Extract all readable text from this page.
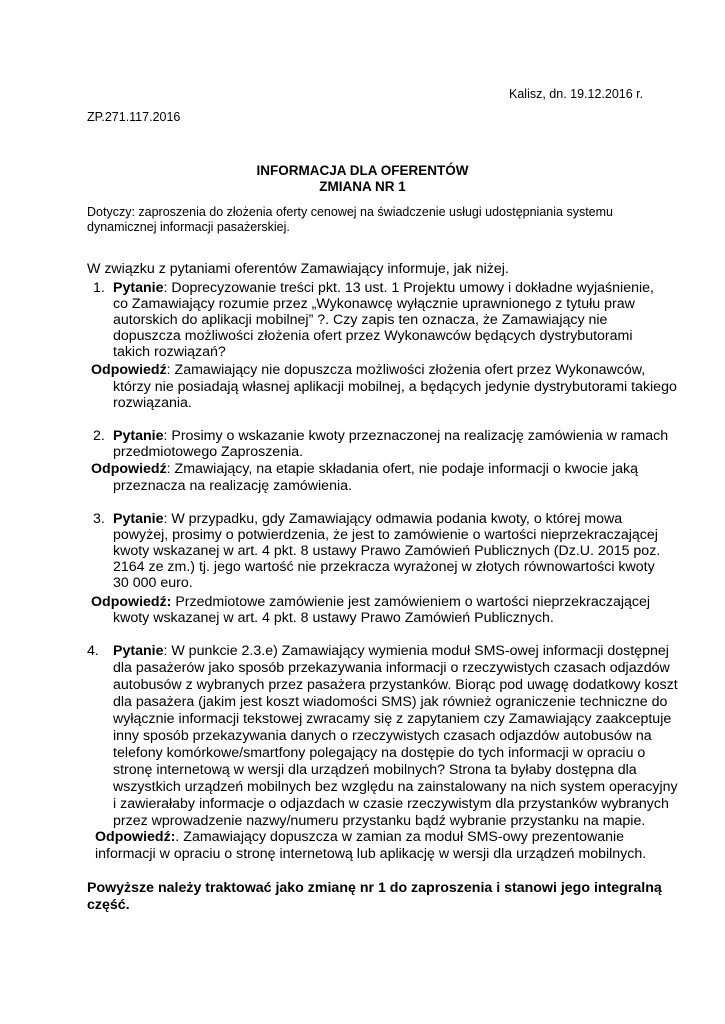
Kalisz, dn. 19.12.2016 r.
ZP.271.117.2016
INFORMACJA DLA OFERENTÓW
ZMIANA NR 1
Dotyczy: zaproszenia do złożenia oferty cenowej na świadczenie usługi udostępniania systemu
dynamicznej informacji pasażerskiej.
W związku z pytaniami oferentów Zamawiający informuje, jak niżej.
1. Pytanie: Doprecyzowanie treści pkt. 13 ust. 1 Projektu umowy i dokładne wyjaśnienie,
co Zamawiający rozumie przez „Wykonawcę wyłącznie uprawnionego z tytułu praw
autorskich do aplikacji mobilnej” ?. Czy zapis ten oznacza, że Zamawiający nie
dopuszcza możliwości złożenia ofert przez Wykonawców będących dystrybutorami
takich rozwiązań?
Odpowiedź: Zamawiający nie dopuszcza możliwości złożenia ofert przez Wykonawców,
którzy nie posiadają własnej aplikacji mobilnej, a będących jedynie dystrybutorami takiego
rozwiązania.
2. Pytanie: Prosimy o wskazanie kwoty przeznaczonej na realizację zamówienia w ramach
przedmiotowego Zaproszenia.
Odpowiedź: Zmawiający, na etapie składania ofert, nie podaje informacji o kwocie jaką
przeznacza na realizację zamówienia.
3. Pytanie: W przypadku, gdy Zamawiający odmawia podania kwoty, o której mowa
powyżej, prosimy o potwierdzenia, że jest to zamówienie o wartości nieprzekraczającej
kwoty wskazanej w art. 4 pkt. 8 ustawy Prawo Zamówień Publicznych (Dz.U. 2015 poz.
2164 ze zm.) tj. jego wartość nie przekracza wyrażonej w złotych równowartości kwoty
30 000 euro.
Odpowiedź: Przedmiotowe zamówienie jest zamówieniem o wartości nieprzekraczającej
kwoty wskazanej w art. 4 pkt. 8 ustawy Prawo Zamówień Publicznych.
4. Pytanie: W punkcie 2.3.e) Zamawiający wymienia moduł SMS-owej informacji dostępnej
dla pasażerów jako sposób przekazywania informacji o rzeczywistych czasach odjazdów
autobusów z wybranych przez pasażera przystanków. Biorąc pod uwagę dodatkowy koszt
dla pasażera (jakim jest koszt wiadomości SMS) jak również ograniczenie techniczne do
wyłącznie informacji tekstowej zwracamy się z zapytaniem czy Zamawiający zaakceptuje
inny sposób przekazywania danych o rzeczywistych czasach odjazdów autobusów na
telefony komórkowe/smartfony polegający na dostępie do tych informacji w opraciu o
stronę internetową w wersji dla urządzeń mobilnych? Strona ta byłaby dostępna dla
wszystkich urządzeń mobilnych bez względu na zainstalowany na nich system operacyjny
i zawierałaby informacje o odjazdach w czasie rzeczywistym dla przystanków wybranych
przez wprowadzenie nazwy/numeru przystanku bądź wybranie przystanku na mapie.
Odpowiedź:. Zamawiający dopuszcza w zamian za moduł SMS-owy prezentowanie
informacji w opraciu o stronę internetową lub aplikację w wersji dla urządzeń mobilnych.
Powyższe należy traktować jako zmianę nr 1 do zaproszenia i stanowi jego integralną
część.
